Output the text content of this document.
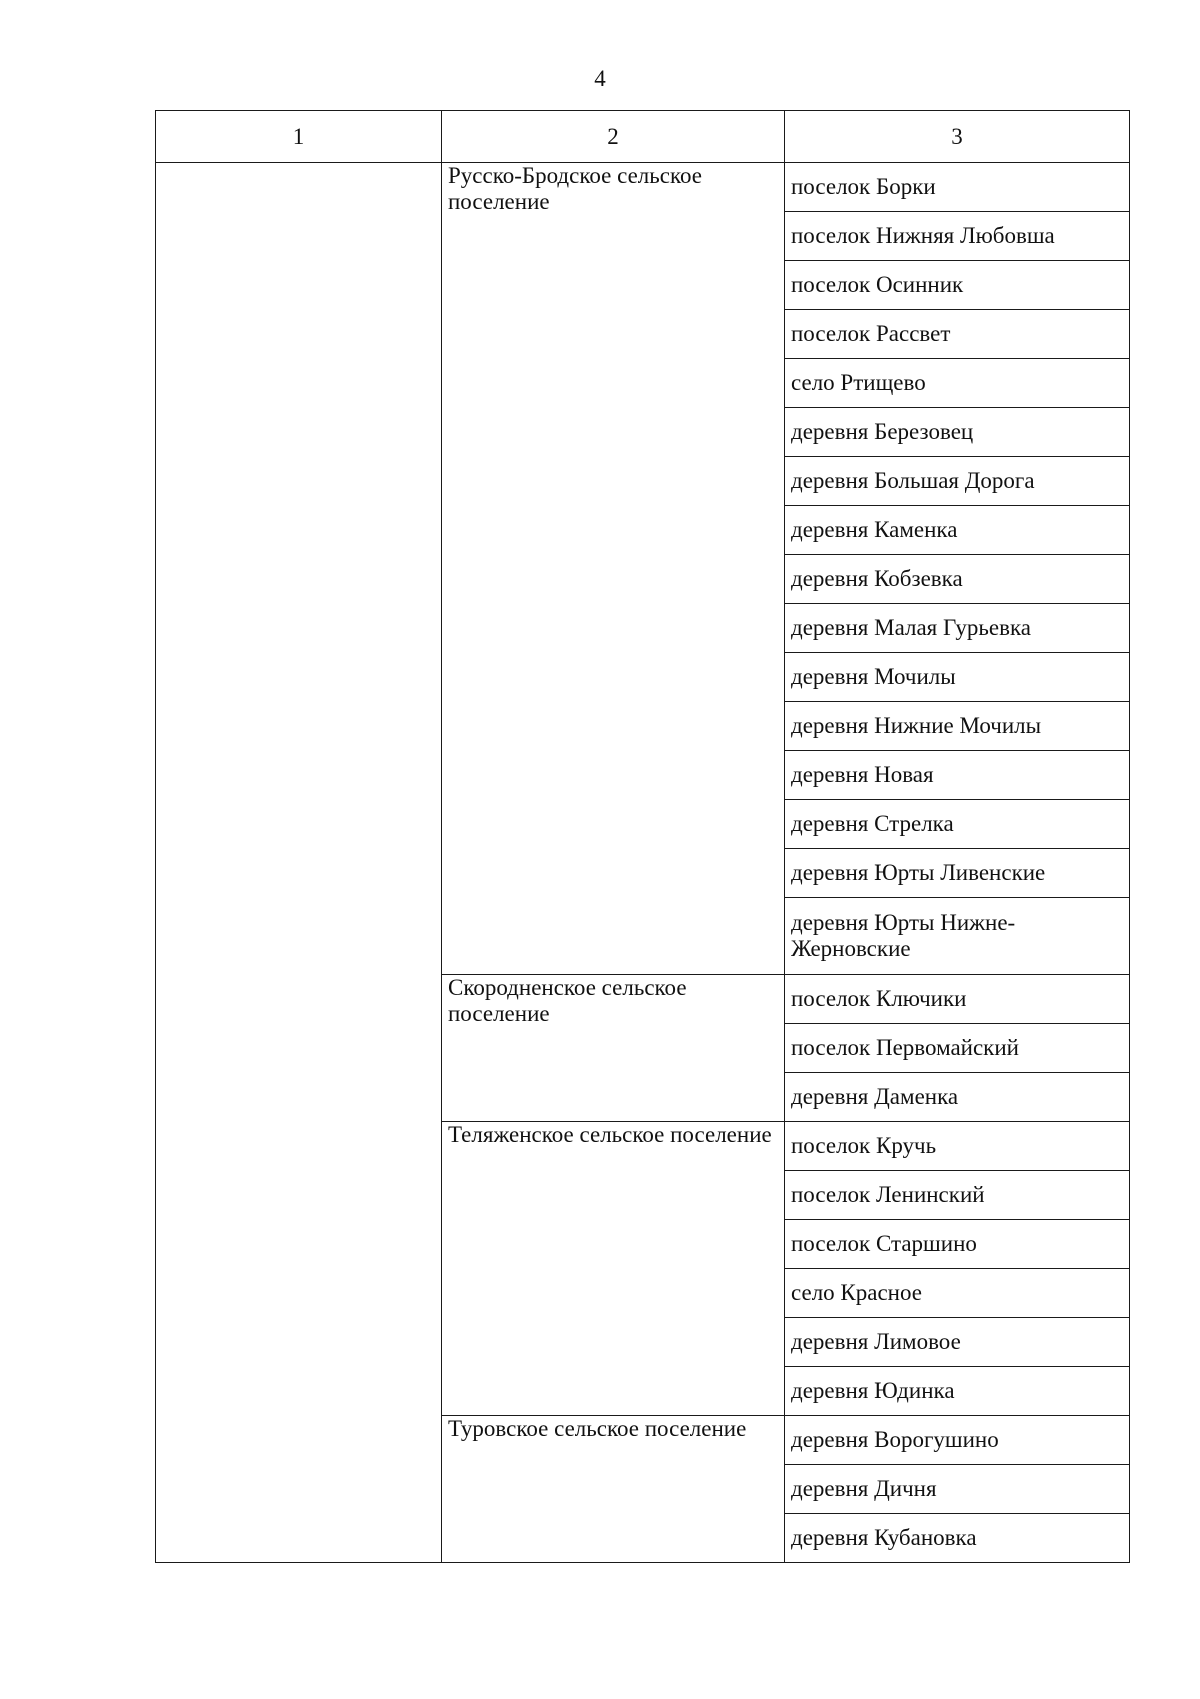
4
1	2	3
	Русско-Бродское сельское поселение	поселок Борки
		поселок Нижняя Любовша
		поселок Осинник
		поселок Рассвет
		село Ртищево
		деревня Березовец
		деревня Большая Дорога
		деревня Каменка
		деревня Кобзевка
		деревня Малая Гурьевка
		деревня Мочилы
		деревня Нижние Мочилы
		деревня Новая
		деревня Стрелка
		деревня Юрты Ливенские
		деревня Юрты Нижне-Жерновские
	Скородненское сельское поселение	поселок Ключики
		поселок Первомайский
		деревня Даменка
	Теляженское сельское поселение	поселок Кручь
		поселок Ленинский
		поселок Старшино
		село Красное
		деревня Лимовое
		деревня Юдинка
	Туровское сельское поселение	деревня Ворогушино
		деревня Дичня
		деревня Кубановка
